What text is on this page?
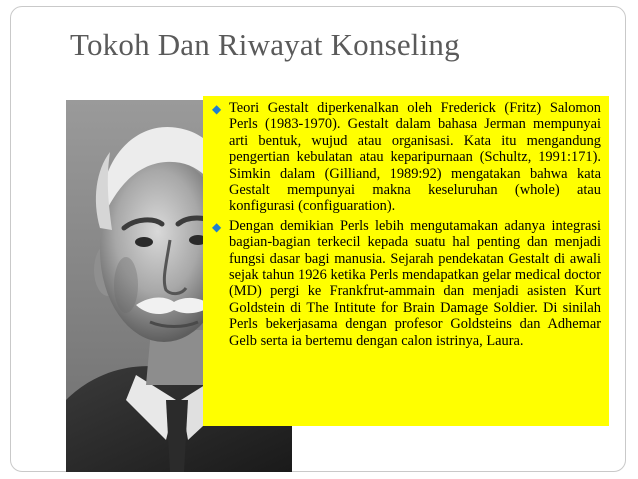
Tokoh Dan Riwayat Konseling
◆ Teori Gestalt diperkenalkan oleh Frederick (Fritz) Salomon Perls (1983-1970). Gestalt dalam bahasa Jerman mempunyai arti bentuk, wujud atau organisasi. Kata itu mengandung pengertian kebulatan atau keparipurnaan (Schultz, 1991:171). Simkin dalam (Gilliand, 1989:92) mengatakan bahwa kata Gestalt mempunyai makna keseluruhan (whole) atau konfigurasi (configuaration).
◆ Dengan demikian Perls lebih mengutamakan adanya integrasi bagian-bagian terkecil kepada suatu hal penting dan menjadi fungsi dasar bagi manusia. Sejarah pendekatan Gestalt di awali sejak tahun 1926 ketika Perls mendapatkan gelar medical doctor (MD) pergi ke Frankfrut-ammain dan menjadi asisten Kurt Goldstein di The Intitute for Brain Damage Soldier. Di sinilah Perls bekerjasama dengan profesor Goldsteins dan Adhemar Gelb serta ia bertemu dengan calon istrinya, Laura.
